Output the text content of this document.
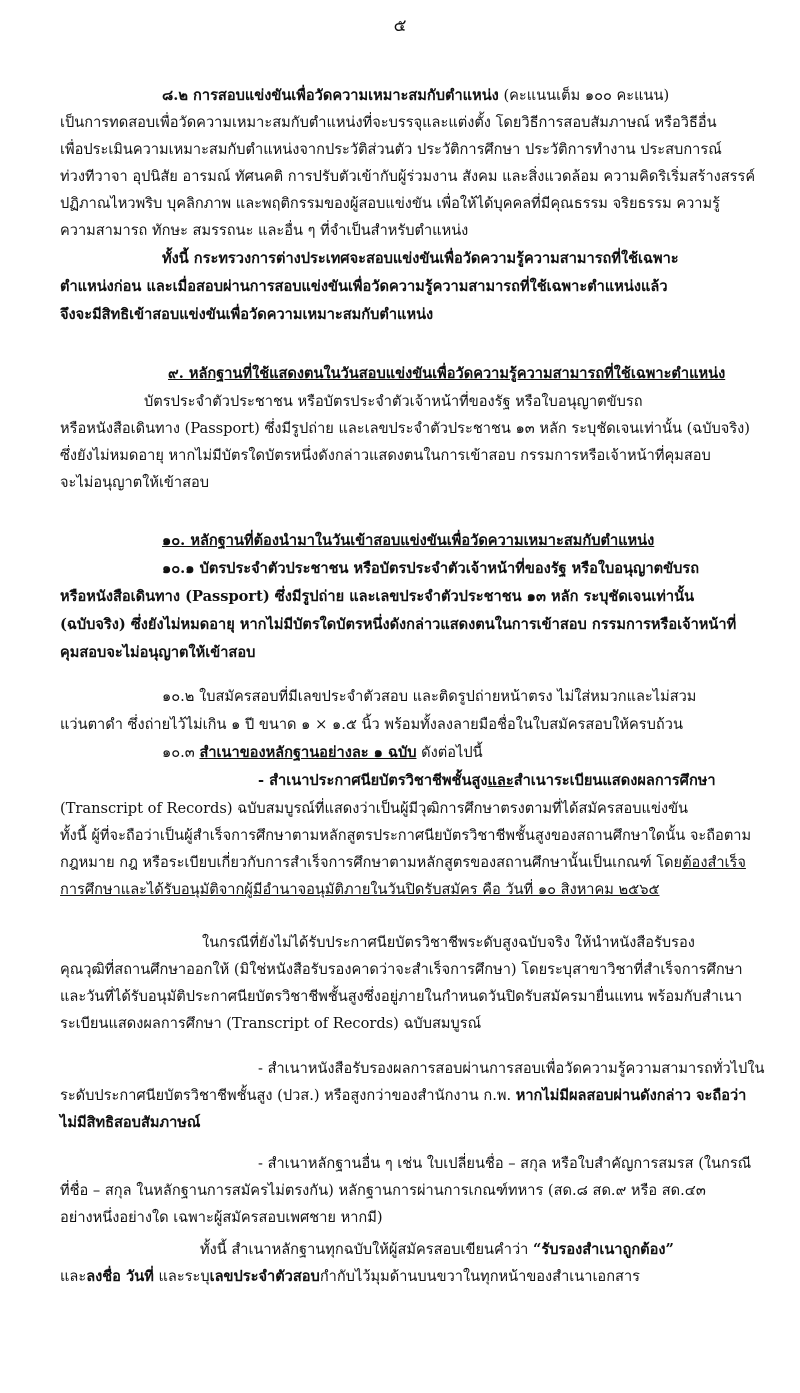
๕
๘.๒ การสอบแข่งขันเพื่อวัดความเหมาะสมกับตำแหน่ง (คะแนนเต็ม ๑๐๐ คะแนน)
เป็นการทดสอบเพื่อวัดความเหมาะสมกับตำแหน่งที่จะบรรจุและแต่งตั้ง โดยวิธีการสอบสัมภาษณ์ หรือวิธีอื่น
เพื่อประเมินความเหมาะสมกับตำแหน่งจากประวัติส่วนตัว ประวัติการศึกษา ประวัติการทำงาน ประสบการณ์
ท่วงทีวาจา อุปนิสัย อารมณ์ ทัศนคติ การปรับตัวเข้ากับผู้ร่วมงาน สังคม และสิ่งแวดล้อม ความคิดริเริ่มสร้างสรรค์
ปฏิภาณไหวพริบ บุคลิกภาพ และพฤติกรรมของผู้สอบแข่งขัน เพื่อให้ได้บุคคลที่มีคุณธรรม จริยธรรม ความรู้
ความสามารถ ทักษะ สมรรถนะ และอื่น ๆ ที่จำเป็นสำหรับตำแหน่ง
ทั้งนี้ กระทรวงการต่างประเทศจะสอบแข่งขันเพื่อวัดความรู้ความสามารถที่ใช้เฉพาะ
ตำแหน่งก่อน และเมื่อสอบผ่านการสอบแข่งขันเพื่อวัดความรู้ความสามารถที่ใช้เฉพาะตำแหน่งแล้ว
จึงจะมีสิทธิเข้าสอบแข่งขันเพื่อวัดความเหมาะสมกับตำแหน่ง
๙. หลักฐานที่ใช้แสดงตนในวันสอบแข่งขันเพื่อวัดความรู้ความสามารถที่ใช้เฉพาะตำแหน่ง
บัตรประจำตัวประชาชน หรือบัตรประจำตัวเจ้าหน้าที่ของรัฐ หรือใบอนุญาตขับรถ
หรือหนังสือเดินทาง (Passport) ซึ่งมีรูปถ่าย และเลขประจำตัวประชาชน ๑๓ หลัก ระบุชัดเจนเท่านั้น (ฉบับจริง)
ซึ่งยังไม่หมดอายุ หากไม่มีบัตรใดบัตรหนึ่งดังกล่าวแสดงตนในการเข้าสอบ กรรมการหรือเจ้าหน้าที่คุมสอบ
จะไม่อนุญาตให้เข้าสอบ
๑๐. หลักฐานที่ต้องนำมาในวันเข้าสอบแข่งขันเพื่อวัดความเหมาะสมกับตำแหน่ง
๑๐.๑ บัตรประจำตัวประชาชน หรือบัตรประจำตัวเจ้าหน้าที่ของรัฐ หรือใบอนุญาตขับรถ
หรือหนังสือเดินทาง (Passport) ซึ่งมีรูปถ่าย และเลขประจำตัวประชาชน ๑๓ หลัก ระบุชัดเจนเท่านั้น
(ฉบับจริง) ซึ่งยังไม่หมดอายุ หากไม่มีบัตรใดบัตรหนึ่งดังกล่าวแสดงตนในการเข้าสอบ กรรมการหรือเจ้าหน้าที่
คุมสอบจะไม่อนุญาตให้เข้าสอบ
๑๐.๒ ใบสมัครสอบที่มีเลขประจำตัวสอบ และติดรูปถ่ายหน้าตรง ไม่ใส่หมวกและไม่สวม
แว่นตาดำ ซึ่งถ่ายไว้ไม่เกิน ๑ ปี ขนาด ๑ × ๑.๕ นิ้ว พร้อมทั้งลงลายมือชื่อในใบสมัครสอบให้ครบถ้วน
๑๐.๓ สำเนาของหลักฐานอย่างละ ๑ ฉบับ ดังต่อไปนี้
- สำเนาประกาศนียบัตรวิชาชีพชั้นสูงและสำเนาระเบียนแสดงผลการศึกษา
(Transcript of Records) ฉบับสมบูรณ์ที่แสดงว่าเป็นผู้มีวุฒิการศึกษาตรงตามที่ได้สมัครสอบแข่งขัน
ทั้งนี้ ผู้ที่จะถือว่าเป็นผู้สำเร็จการศึกษาตามหลักสูตรประกาศนียบัตรวิชาชีพชั้นสูงของสถานศึกษาใดนั้น จะถือตาม
กฎหมาย กฎ หรือระเบียบเกี่ยวกับการสำเร็จการศึกษาตามหลักสูตรของสถานศึกษานั้นเป็นเกณฑ์ โดยต้องสำเร็จ
การศึกษาและได้รับอนุมัติจากผู้มีอำนาจอนุมัติภายในวันปิดรับสมัคร คือ วันที่ ๑๐ สิงหาคม ๒๕๖๕
ในกรณีที่ยังไม่ได้รับประกาศนียบัตรวิชาชีพระดับสูงฉบับจริง ให้นำหนังสือรับรอง
คุณวุฒิที่สถานศึกษาออกให้ (มิใช่หนังสือรับรองคาดว่าจะสำเร็จการศึกษา) โดยระบุสาขาวิชาที่สำเร็จการศึกษา
และวันที่ได้รับอนุมัติประกาศนียบัตรวิชาชีพชั้นสูงซึ่งอยู่ภายในกำหนดวันปิดรับสมัครมายื่นแทน พร้อมกับสำเนา
ระเบียนแสดงผลการศึกษา (Transcript of Records) ฉบับสมบูรณ์
- สำเนาหนังสือรับรองผลการสอบผ่านการสอบเพื่อวัดความรู้ความสามารถทั่วไปใน
ระดับประกาศนียบัตรวิชาชีพชั้นสูง (ปวส.) หรือสูงกว่าของสำนักงาน ก.พ. หากไม่มีผลสอบผ่านดังกล่าว จะถือว่า
ไม่มีสิทธิสอบสัมภาษณ์
- สำเนาหลักฐานอื่น ๆ เช่น ใบเปลี่ยนชื่อ – สกุล หรือใบสำคัญการสมรส (ในกรณี
ที่ชื่อ – สกุล ในหลักฐานการสมัครไม่ตรงกัน) หลักฐานการผ่านการเกณฑ์ทหาร (สด.๘ สด.๙ หรือ สด.๔๓
อย่างหนึ่งอย่างใด เฉพาะผู้สมัครสอบเพศชาย หากมี)
ทั้งนี้ สำเนาหลักฐานทุกฉบับให้ผู้สมัครสอบเขียนคำว่า “รับรองสำเนาถูกต้อง”
และลงชื่อ วันที่ และระบุเลขประจำตัวสอบกำกับไว้มุมด้านบนขวาในทุกหน้าของสำเนาเอกสาร
